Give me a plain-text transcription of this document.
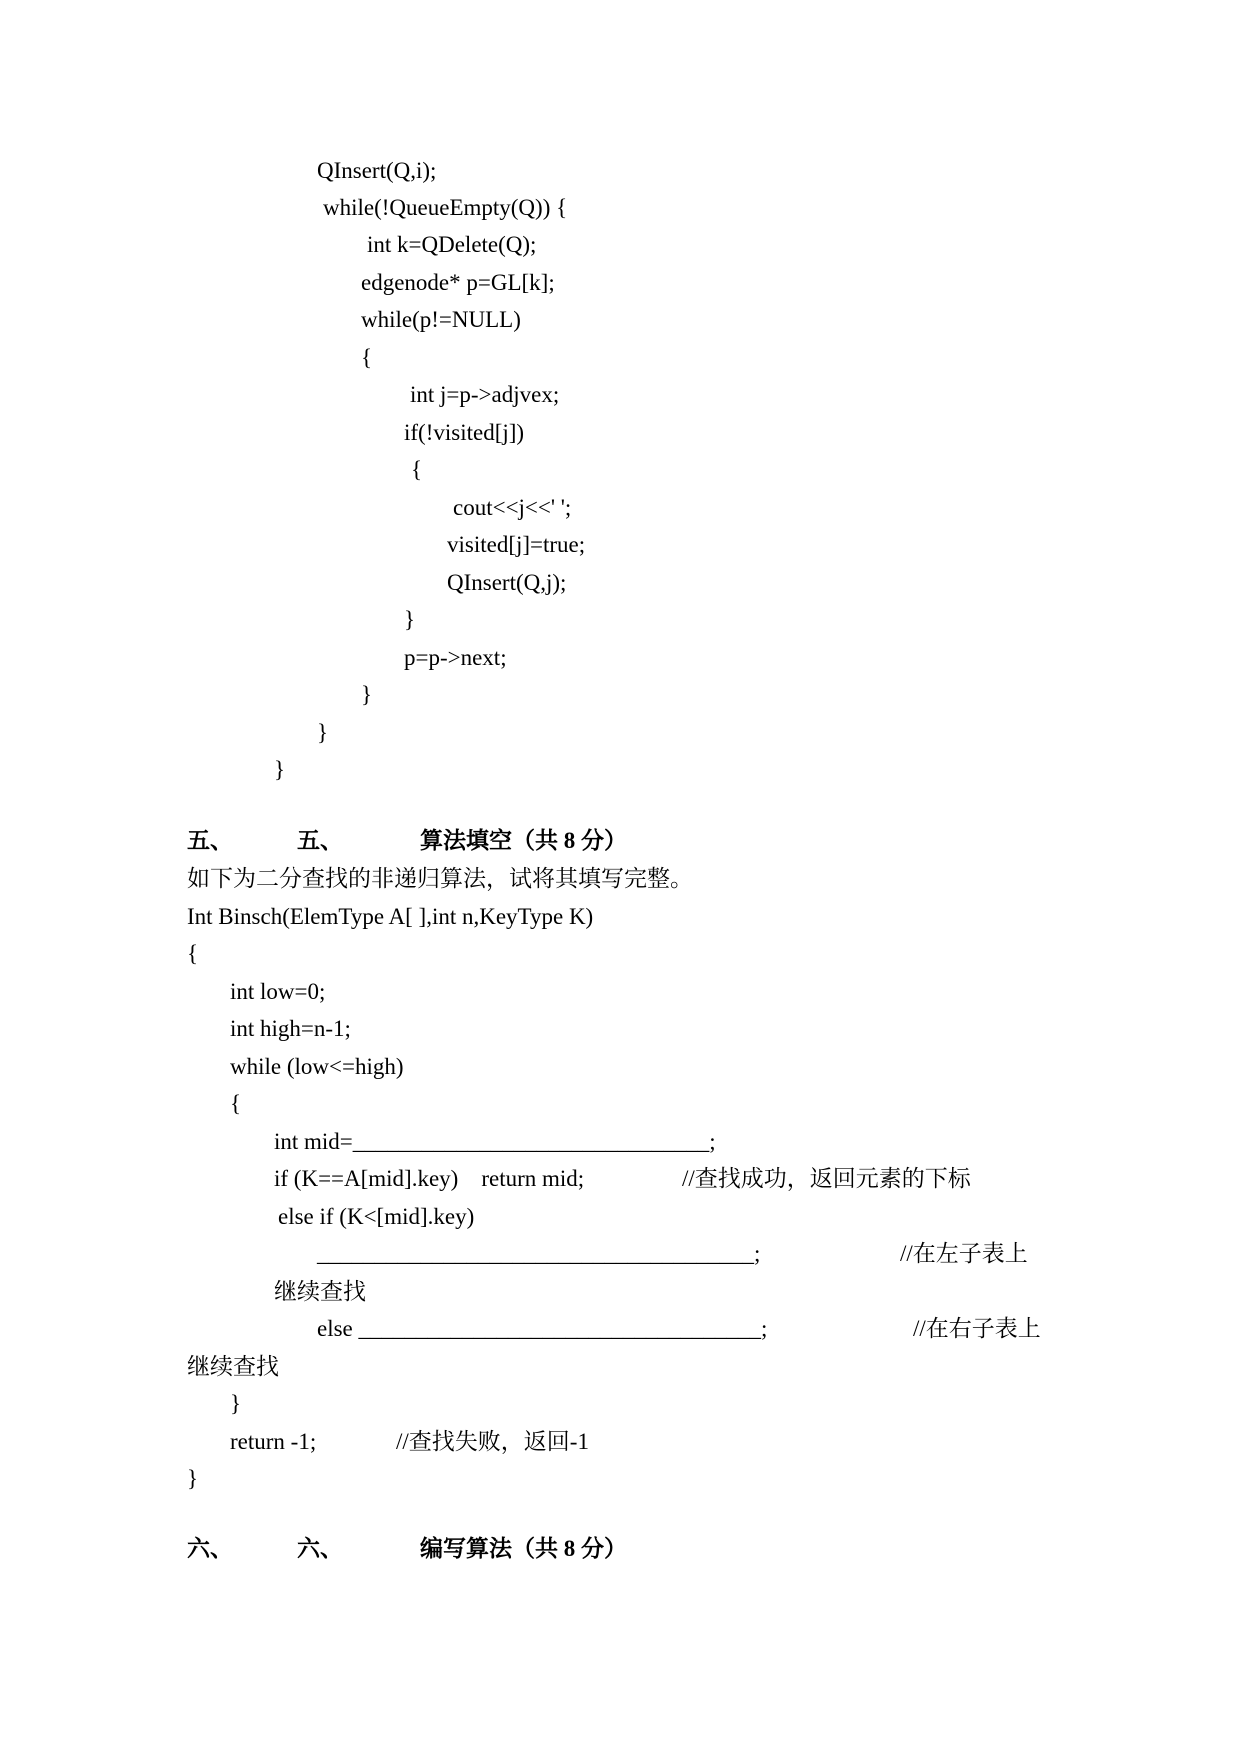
QInsert(Q,i);
while(!QueueEmpty(Q)) {
int k=QDelete(Q);
edgenode* p=GL[k];
while(p!=NULL)
{
int j=p->adjvex;
if(!visited[j])
{
cout<<j<<' ';
visited[j]=true;
QInsert(Q,j);
}
p=p->next;
}
}
}
五、	五、	算法填空（共 8 分）
如下为二分查找的非递归算法，试将其填写完整。
Int Binsch(ElemType A[ ],int n,KeyType K)
{
int low=0;
int high=n-1;
while (low<=high)
{
int mid=_______________________________;
if (K==A[mid].key)    return mid;	//查找成功，返回元素的下标
else if (K<[mid].key)
______________________________________;	//在左子表上
继续查找
else ___________________________________;	//在右子表上
继续查找
}
return -1;	//查找失败，返回-1
}
六、	六、	编写算法（共 8 分）
